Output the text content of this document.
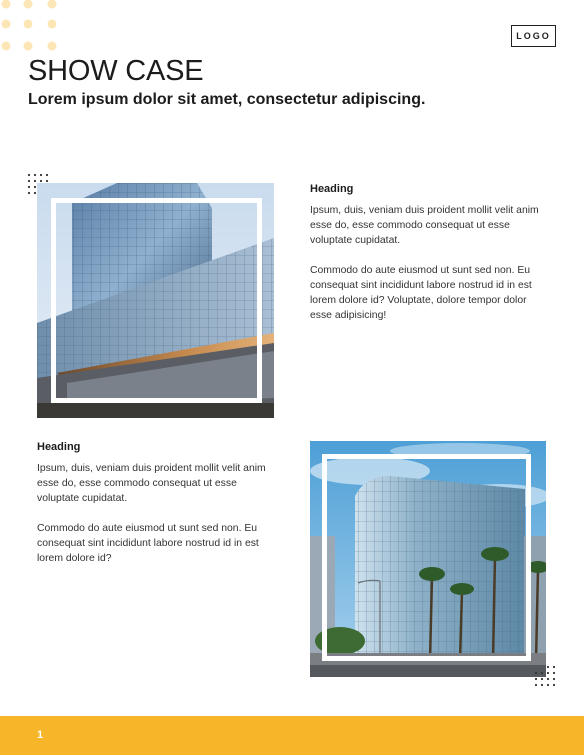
LOGO
SHOW CASE
Lorem ipsum dolor sit amet, consectetur adipiscing.

Heading

Ipsum, duis, veniam duis proident mollit velit anim esse do, esse commodo consequat ut esse voluptate cupidatat.

Commodo do aute eiusmod ut sunt sed non. Eu consequat sint incididunt labore nostrud id in est lorem dolore id? Voluptate, dolore tempor dolor esse adipisicing!

Heading

Ipsum, duis, veniam duis proident mollit velit anim esse do, esse commodo consequat ut esse voluptate cupidatat.

Commodo do aute eiusmod ut sunt sed non. Eu consequat sint incididunt labore nostrud id in est lorem dolore id?

1
